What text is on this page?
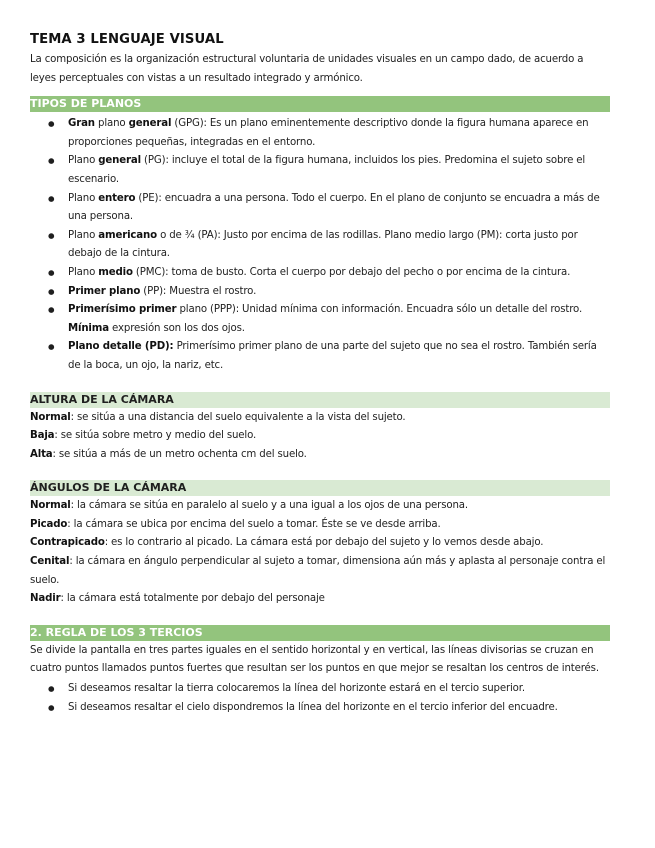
TEMA 3 LENGUAJE VISUAL

La composición es la organización estructural voluntaria de unidades visuales en un campo dado, de acuerdo a leyes perceptuales con vistas a un resultado integrado y armónico.

TIPOS DE PLANOS
● Gran plano general (GPG): Es un plano eminentemente descriptivo donde la figura humana aparece en proporciones pequeñas, integradas en el entorno.
● Plano general (PG): incluye el total de la figura humana, incluidos los pies. Predomina el sujeto sobre el escenario.
● Plano entero (PE): encuadra a una persona. Todo el cuerpo. En el plano de conjunto se encuadra a más de una persona.
● Plano americano o de ¾ (PA): Justo por encima de las rodillas. Plano medio largo (PM): corta justo por debajo de la cintura.
● Plano medio (PMC): toma de busto. Corta el cuerpo por debajo del pecho o por encima de la cintura.
● Primer plano (PP): Muestra el rostro.
● Primerísimo primer plano (PPP): Unidad mínima con información. Encuadra sólo un detalle del rostro. Mínima expresión son los dos ojos.
● Plano detalle (PD): Primerísimo primer plano de una parte del sujeto que no sea el rostro. También sería de la boca, un ojo, la nariz, etc.
ALTURA DE LA CÁMARA
Normal: se sitúa a una distancia del suelo equivalente a la vista del sujeto.
Baja: se sitúa sobre metro y medio del suelo.
Alta: se sitúa a más de un metro ochenta cm del suelo.
ÁNGULOS DE LA CÁMARA
Normal: la cámara se sitúa en paralelo al suelo y a una igual a los ojos de una persona.
Picado: la cámara se ubica por encima del suelo a tomar. Éste se ve desde arriba.
Contrapicado: es lo contrario al picado. La cámara está por debajo del sujeto y lo vemos desde abajo.
Cenital: la cámara en ángulo perpendicular al sujeto a tomar, dimensiona aún más y aplasta al personaje contra el suelo.
Nadir: la cámara está totalmente por debajo del personaje
2. REGLA DE LOS 3 TERCIOS

Se divide la pantalla en tres partes iguales en el sentido horizontal y en vertical, las líneas divisorias se cruzan en cuatro puntos llamados puntos fuertes que resultan ser los puntos en que mejor se resaltan los centros de interés.

● Si deseamos resaltar la tierra colocaremos la línea del horizonte estará en el tercio superior.
● Si deseamos resaltar el cielo dispondremos la línea del horizonte en el tercio inferior del encuadre.
